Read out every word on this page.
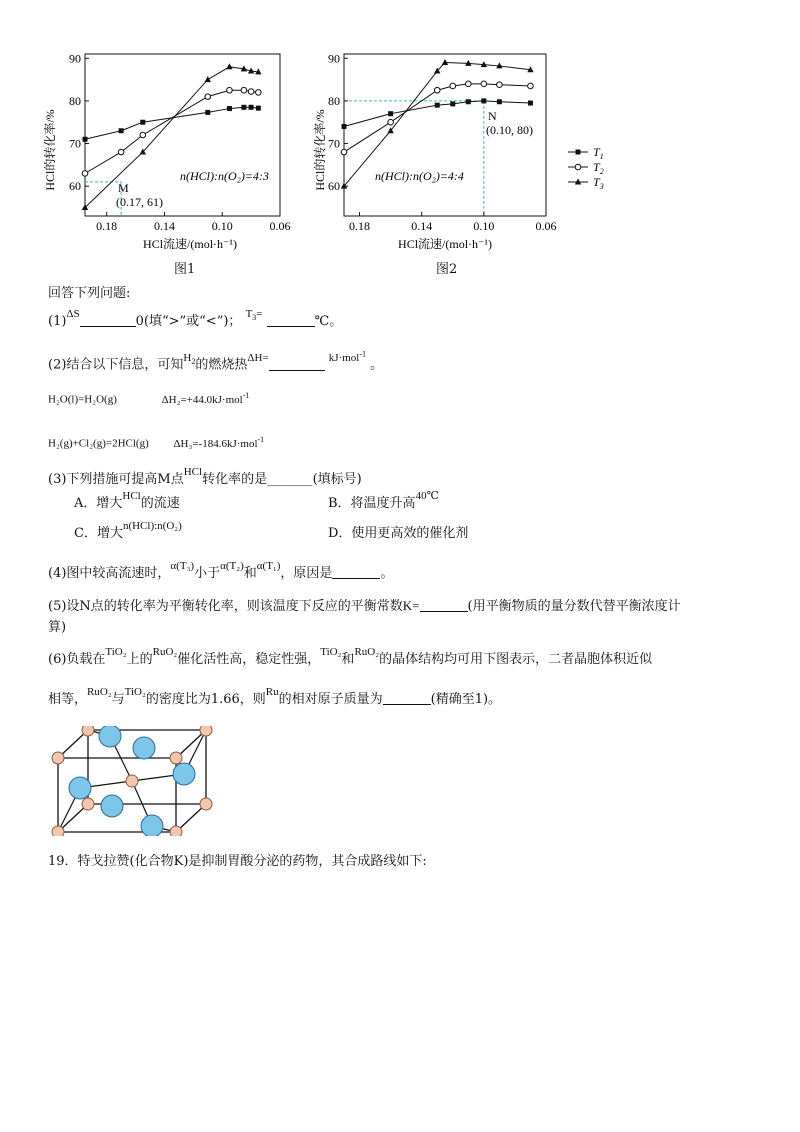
0.18	0.14	0.10	0.06
60
70
80
90
HCl的转化率/%
HCl流速/(mol·h⁻¹)
n(HCl):n(O₂)=4:3
M
(0.17, 61)
图1
0.18	0.14	0.10	0.06
60
70
80
90
HCl的转化率/%
HCl流速/(mol·h⁻¹)
n(HCl):n(O₂)=4:4
N
(0.10, 80)
图2
$T_1$
$T_2$
$T_3$
回答下列问题:
$(1)^{\Delta S}$	0(填“>”或“<”)； $^{T_3=}$	℃。
(2)结合以下信息，可知$^{H_2}$的燃烧热$^{\Delta H=}$	$^{kJ\cdot mol^{-1}}$ 。
H₂O(l)=H₂O(g)	ΔH₂=+44.0kJ·mol$^{-1}$
H₂(g)+Cl₂(g)=2HCl(g) ΔH₃=-184.6kJ·mol$^{-1}$
(3)下列措施可提高M点$^{HCl}$转化率的是_______(填标号)
A．增大$^{HCl}$的流速	B．将温度升高$^{40℃}$
C．增大$^{n(HCl):n(O_2)}$	D．使用更高效的催化剂
(4)图中较高流速时，$^{\alpha(T_3)}$小于$^{\alpha(T_2)}$和$^{\alpha(T_1)}$，原因是	。
(5)设N点的转化率为平衡转化率，则该温度下反应的平衡常数K=	(用平衡物质的量分数代替平衡浓度计
算)
(6)负载在$^{TiO_2}$上的$^{RuO_2}$催化活性高，稳定性强，$^{TiO_2}$和$^{RuO_2}$的晶体结构均可用下图表示，二者晶胞体积近似
相等，$^{RuO_2}$与$^{TiO_2}$的密度比为1.66，则$^{Ru}$的相对原子质量为	(精确至1)。
19．特戈拉赞(化合物K)是抑制胃酸分泌的药物，其合成路线如下:
